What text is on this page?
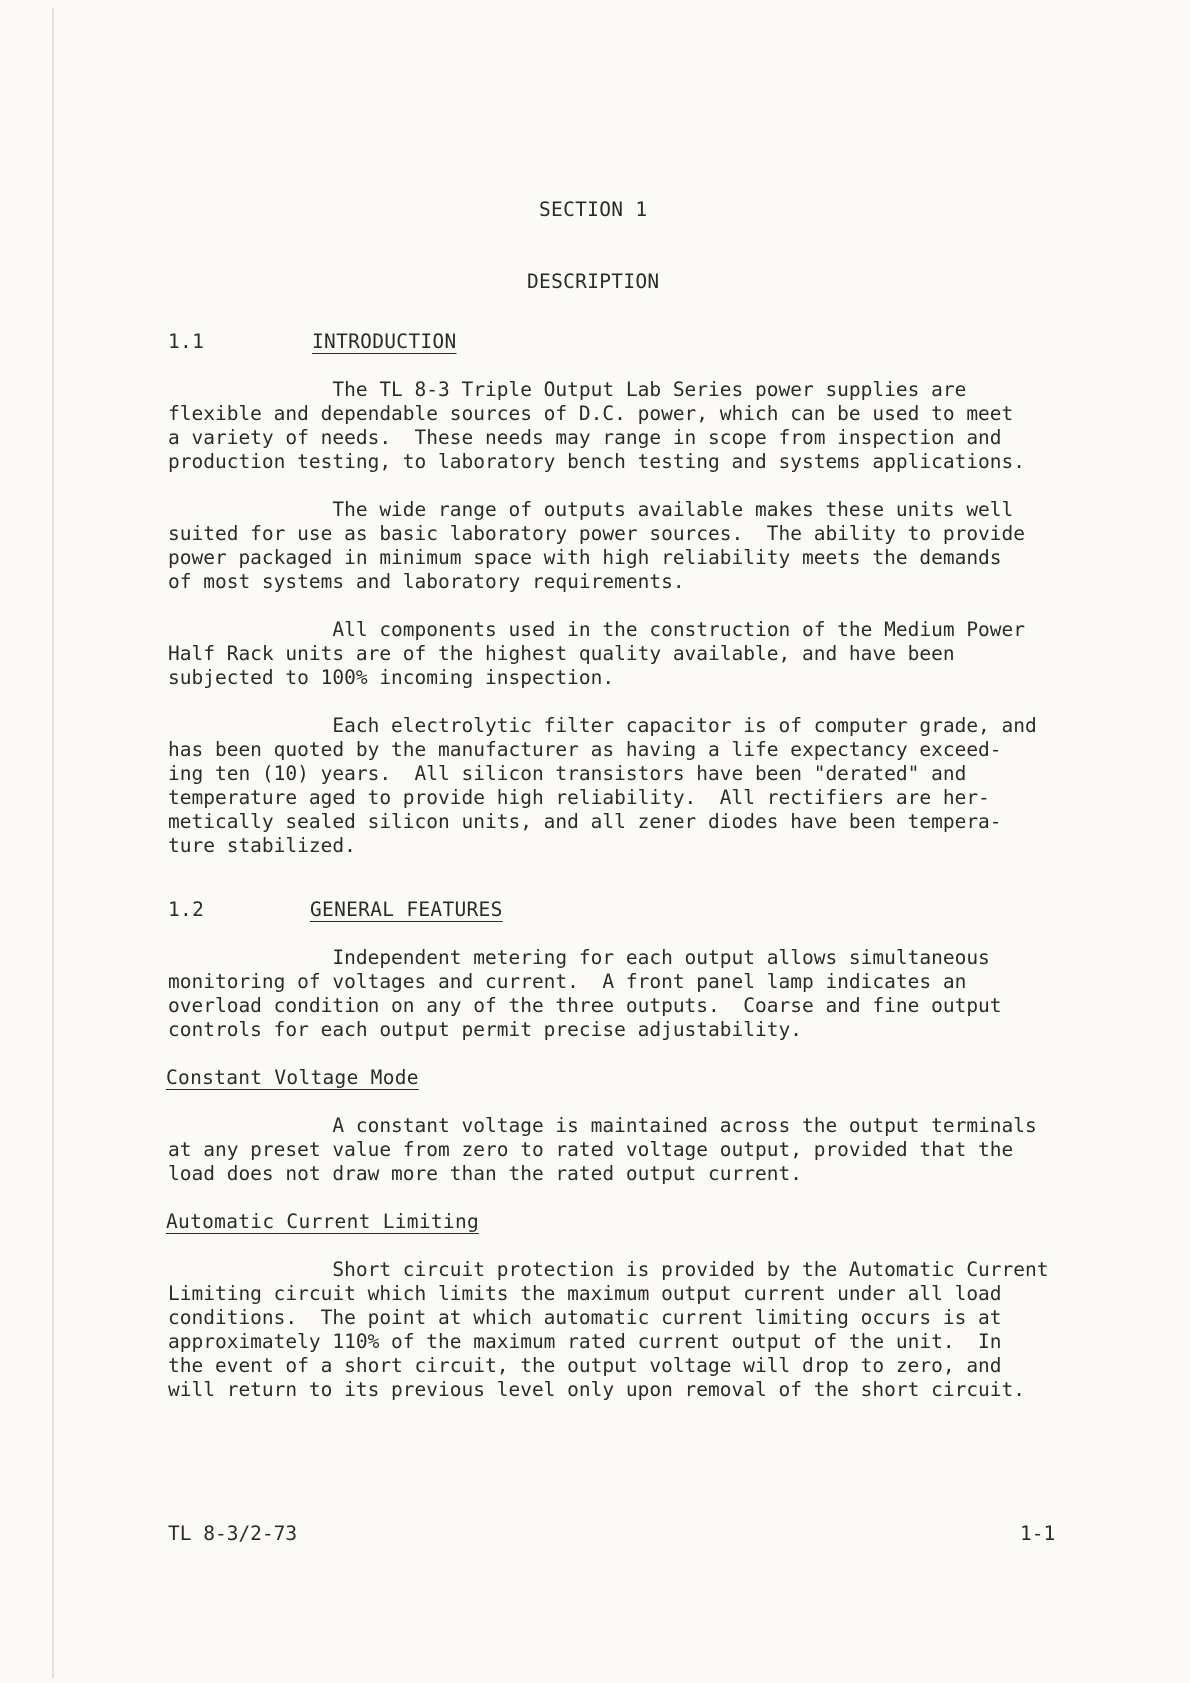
SECTION 1
DESCRIPTION
1.1	INTRODUCTION
The TL 8-3 Triple Output Lab Series power supplies are
flexible and dependable sources of D.C. power, which can be used to meet
a variety of needs.  These needs may range in scope from inspection and
production testing, to laboratory bench testing and systems applications.
The wide range of outputs available makes these units well
suited for use as basic laboratory power sources.  The ability to provide
power packaged in minimum space with high reliability meets the demands
of most systems and laboratory requirements.
All components used in the construction of the Medium Power
Half Rack units are of the highest quality available, and have been
subjected to 100% incoming inspection.
Each electrolytic filter capacitor is of computer grade, and
has been quoted by the manufacturer as having a life expectancy exceed-
ing ten (10) years.  All silicon transistors have been "derated" and
temperature aged to provide high reliability.  All rectifiers are her-
metically sealed silicon units, and all zener diodes have been tempera-
ture stabilized.
1.2	GENERAL FEATURES
Independent metering for each output allows simultaneous
monitoring of voltages and current.  A front panel lamp indicates an
overload condition on any of the three outputs.  Coarse and fine output
controls for each output permit precise adjustability.
Constant Voltage Mode
A constant voltage is maintained across the output terminals
at any preset value from zero to rated voltage output, provided that the
load does not draw more than the rated output current.
Automatic Current Limiting
Short circuit protection is provided by the Automatic Current
Limiting circuit which limits the maximum output current under all load
conditions.  The point at which automatic current limiting occurs is at
approximately 110% of the maximum rated current output of the unit.  In
the event of a short circuit, the output voltage will drop to zero, and
will return to its previous level only upon removal of the short circuit.
TL 8-3/2-73	1-1
